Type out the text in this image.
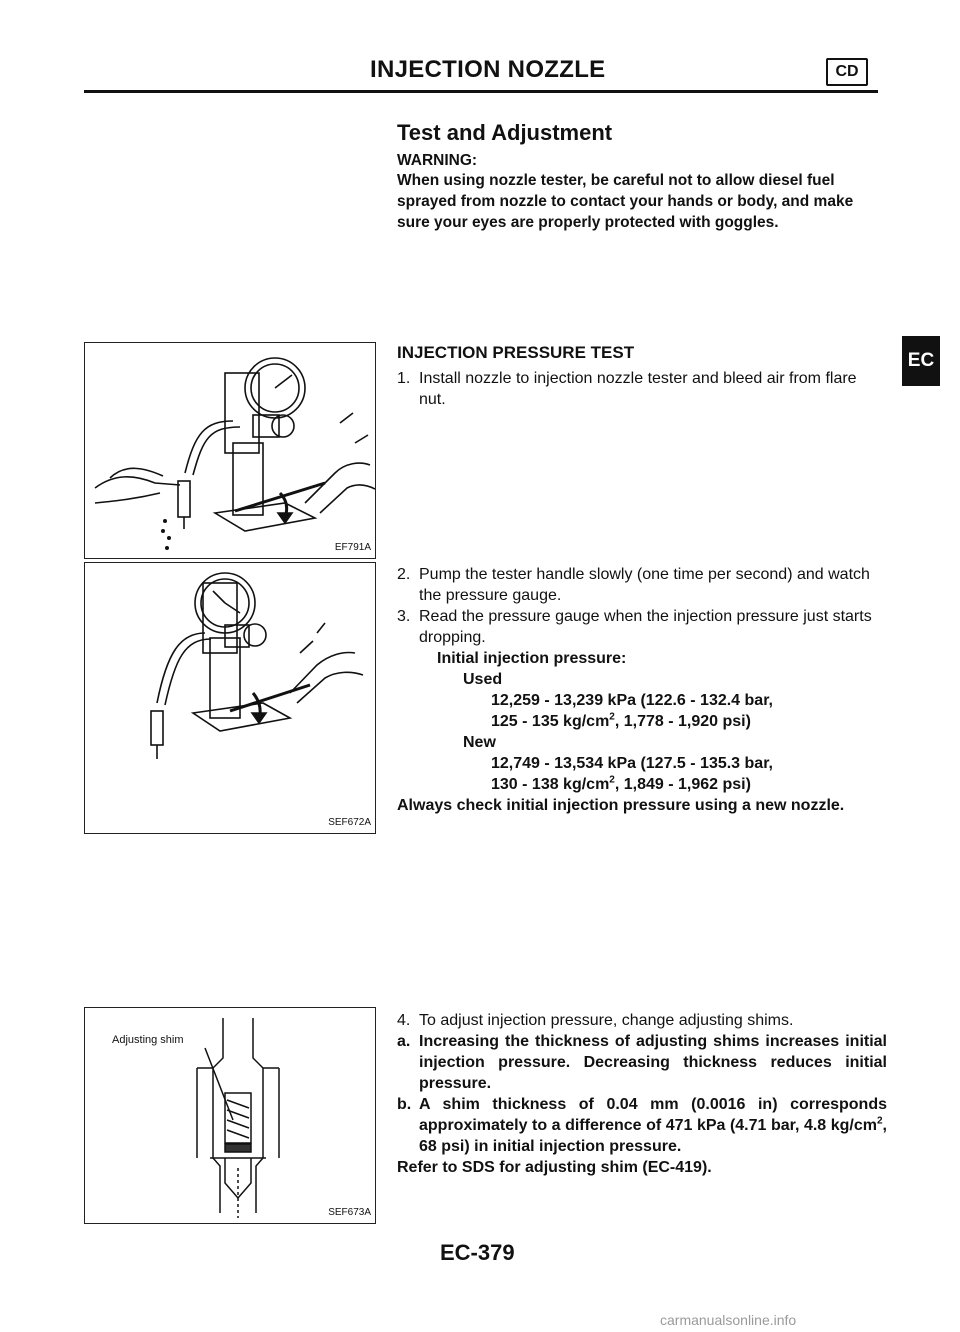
INJECTION NOZZLE	CD
EC
Test and Adjustment
WARNING:
When using nozzle tester, be careful not to allow diesel fuel sprayed from nozzle to contact your hands or body, and make sure your eyes are properly protected with goggles.
EF791A
INJECTION PRESSURE TEST
1. Install nozzle to injection nozzle tester and bleed air from flare nut.
SEF672A
2. Pump the tester handle slowly (one time per second) and watch the pressure gauge.
3. Read the pressure gauge when the injection pressure just starts dropping.
Initial injection pressure:
Used
12,259 - 13,239 kPa (122.6 - 132.4 bar,
125 - 135 $kg/cm^2$, 1,778 - 1,920 psi)
New
12,749 - 13,534 kPa (127.5 - 135.3 bar,
130 - 138 $kg/cm^2$, 1,849 - 1,962 psi)
Always check initial injection pressure using a new nozzle.
Adjusting shim
SEF673A
4. To adjust injection pressure, change adjusting shims.
a. Increasing the thickness of adjusting shims increases initial injection pressure. Decreasing thickness reduces initial pressure.
b. A shim thickness of 0.04 mm (0.0016 in) corresponds approximately to a difference of 471 kPa (4.71 bar, 4.8 $kg/cm^2$, 68 psi) in initial injection pressure.
Refer to SDS for adjusting shim (EC-419).
EC-379
carmanualsonline.info
